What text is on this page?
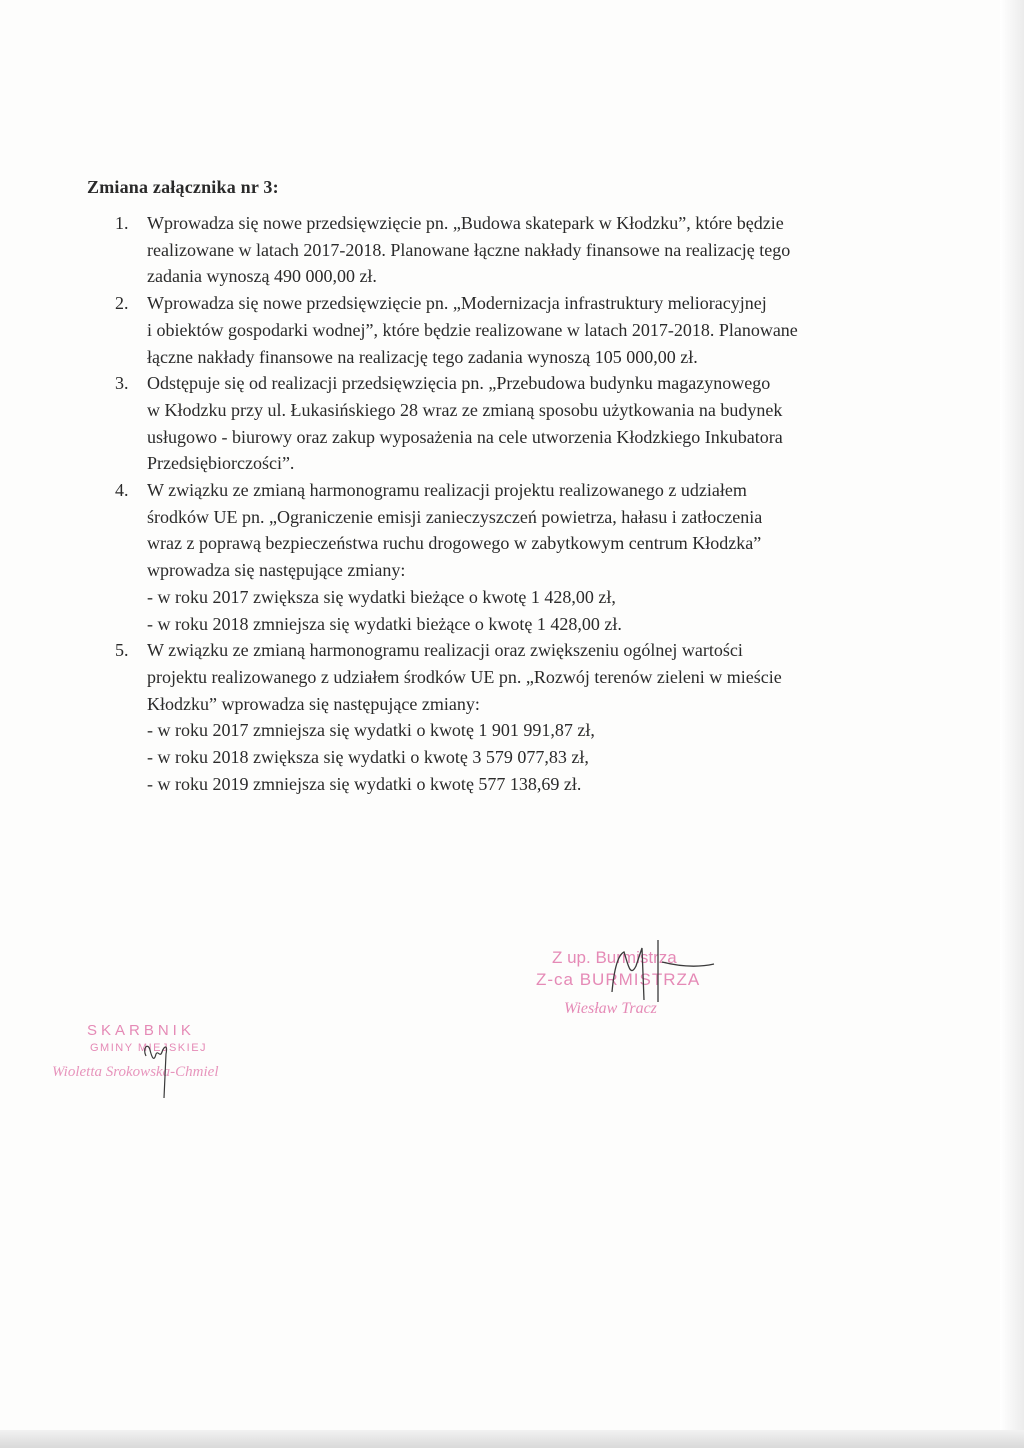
Zmiana załącznika nr 3:
1. Wprowadza się nowe przedsięwzięcie pn. „Budowa skatepark w Kłodzku”, które będzie
realizowane w latach 2017-2018. Planowane łączne nakłady finansowe na realizację tego
zadania wynoszą 490 000,00 zł.
2. Wprowadza się nowe przedsięwzięcie pn. „Modernizacja infrastruktury melioracyjnej
i obiektów gospodarki wodnej”, które będzie realizowane w latach 2017-2018. Planowane
łączne nakłady finansowe na realizację tego zadania wynoszą 105 000,00 zł.
3. Odstępuje się od realizacji przedsięwzięcia pn. „Przebudowa budynku magazynowego
w Kłodzku przy ul. Łukasińskiego 28 wraz ze zmianą sposobu użytkowania na budynek
usługowo - biurowy oraz zakup wyposażenia na cele utworzenia Kłodzkiego Inkubatora
Przedsiębiorczości”.
4. W związku ze zmianą harmonogramu realizacji projektu realizowanego z udziałem
środków UE pn. „Ograniczenie emisji zanieczyszczeń powietrza, hałasu i zatłoczenia
wraz z poprawą bezpieczeństwa ruchu drogowego w zabytkowym centrum Kłodzka”
wprowadza się następujące zmiany:
- w roku 2017 zwiększa się wydatki bieżące o kwotę 1 428,00 zł,
- w roku 2018 zmniejsza się wydatki bieżące o kwotę 1 428,00 zł.
5. W związku ze zmianą harmonogramu realizacji oraz zwiększeniu ogólnej wartości
projektu realizowanego z udziałem środków UE pn. „Rozwój terenów zieleni w mieście
Kłodzku” wprowadza się następujące zmiany:
- w roku 2017 zmniejsza się wydatki o kwotę 1 901 991,87 zł,
- w roku 2018 zwiększa się wydatki o kwotę 3 579 077,83 zł,
- w roku 2019 zmniejsza się wydatki o kwotę 577 138,69 zł.
Z up. Burmistrza
Z-ca BURMISTRZA
Wiesław Tracz
SKARBNIK
GMINY MIEJSKIEJ
Wioletta Srokowska-Chmiel
